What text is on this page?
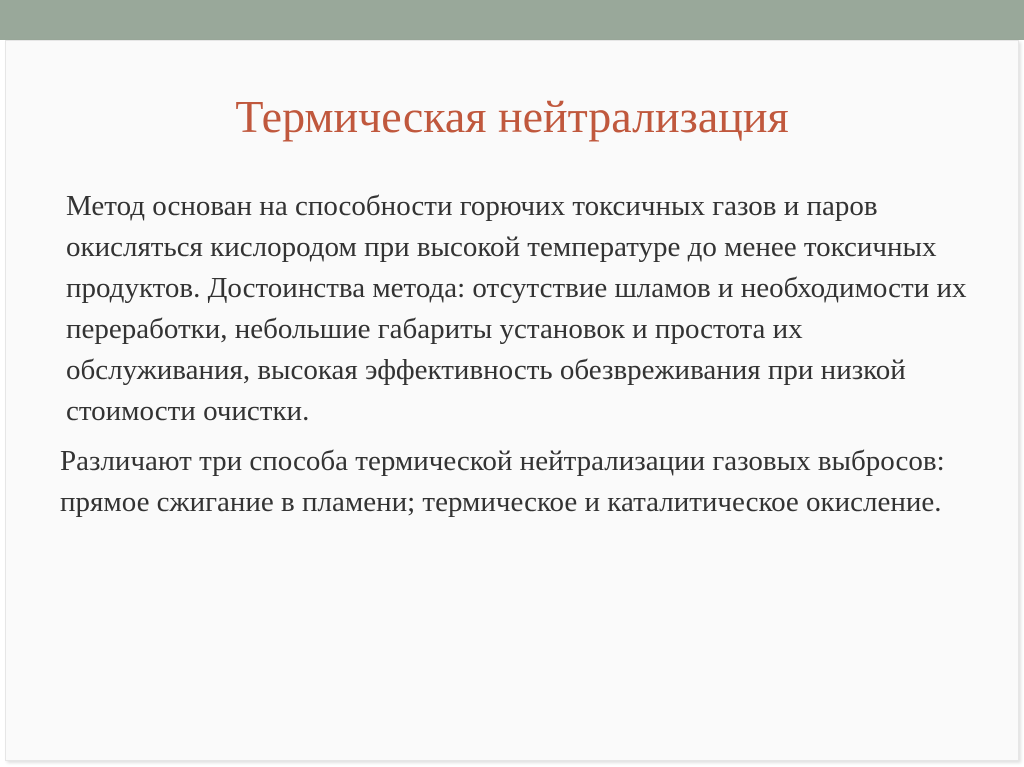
Термическая нейтрализация

Метод основан на способности горючих токсичных газов и паров окисляться кислородом при высокой температуре до менее токсичных продуктов. Достоинства метода: отсутствие шламов и необходимости их переработки, небольшие габариты установок и простота их обслуживания, высокая эффективность обезвреживания при низкой стоимости очистки.

Различают три способа термической нейтрализации газовых выбросов: прямое сжигание в пламени; термическое и каталитическое окисление.
